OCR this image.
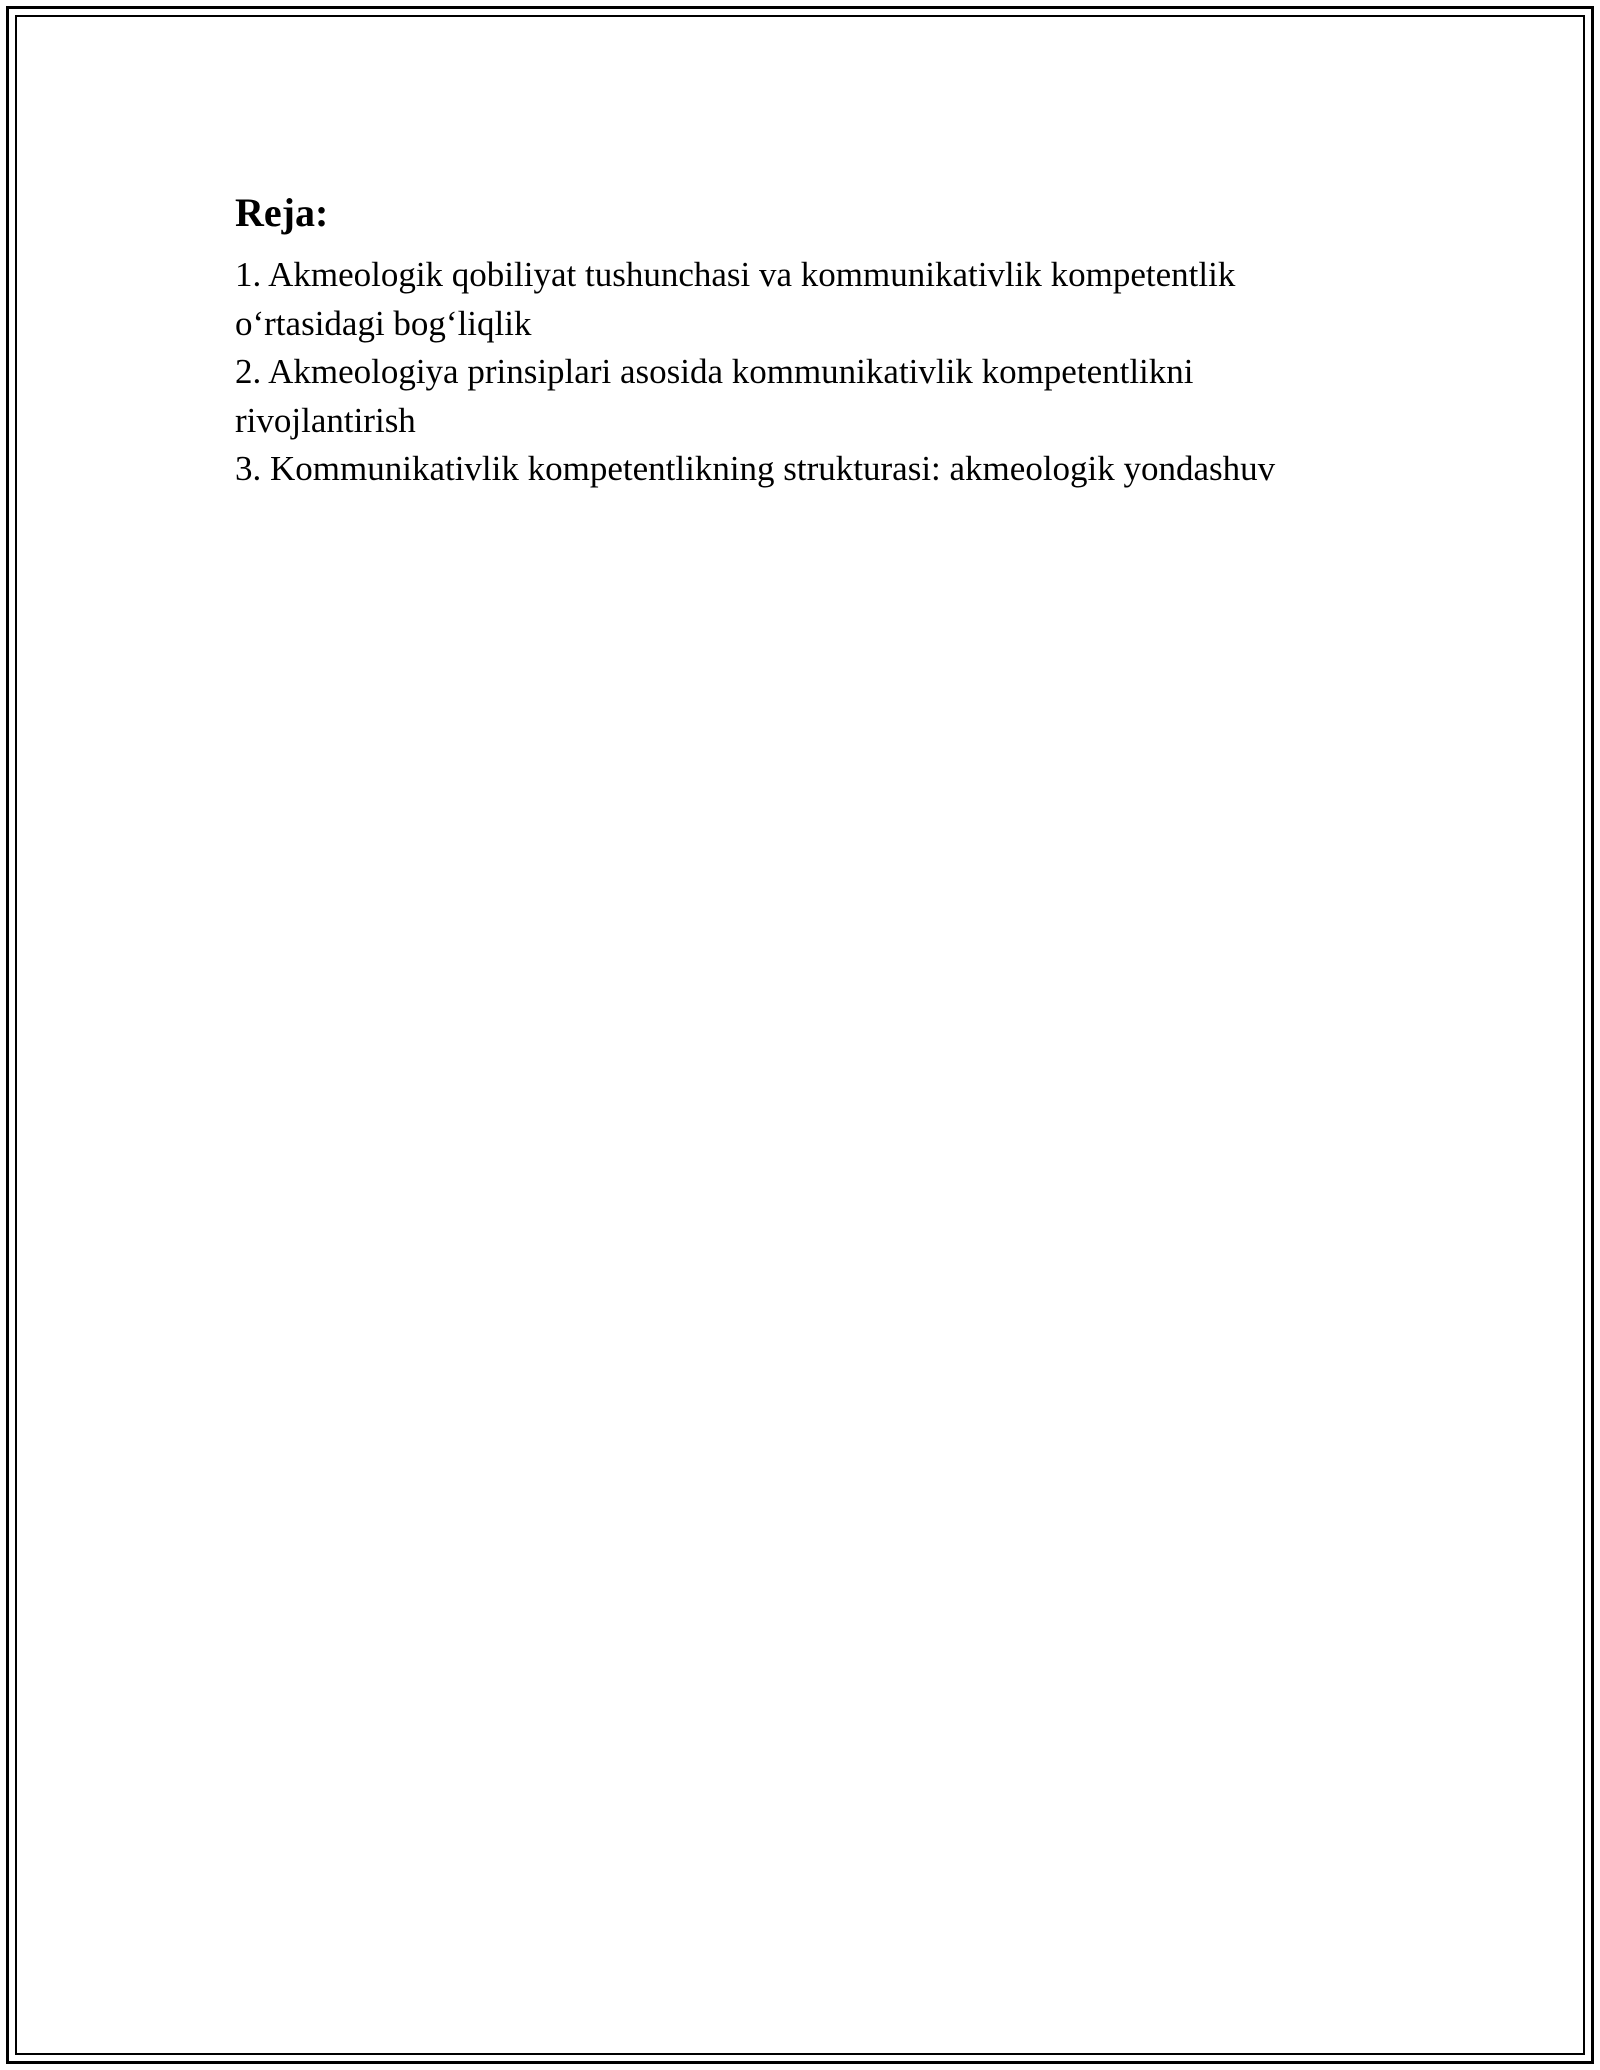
Reja:
1. Akmeologik qobiliyat tushunchasi va kommunikativlik kompetentlik o‘rtasidagi bog‘liqlik
2. Akmeologiya prinsiplari asosida kommunikativlik kompetentlikni rivojlantirish
3. Kommunikativlik kompetentlikning strukturasi: akmeologik yondashuv
